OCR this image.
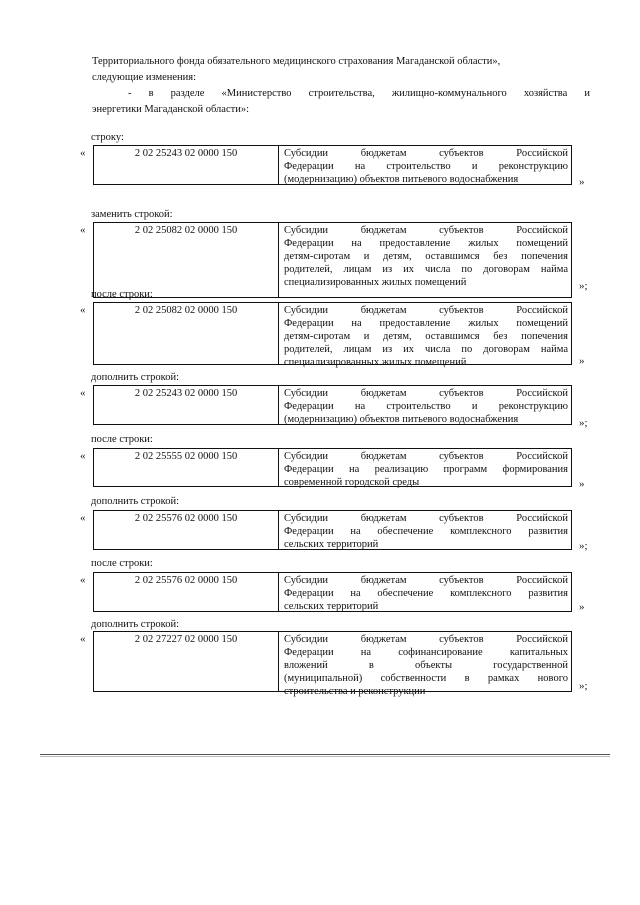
Территориального фонда обязательного медицинского страхования Магаданской области»,

следующие изменения:

- в разделе «Министерство строительства, жилищно-коммунального хозяйства и

энергетики Магаданской области»:

строку:
«	2 02 25243 02 0000 150	Субсидии бюджетам субъектов Российской
Федерации на строительство и реконструкцию
(модернизацию) объектов питьевого водоснабжения	»
заменить строкой:
«	2 02 25082 02 0000 150	Субсидии бюджетам субъектов Российской
Федерации на предоставление жилых помещений
детям-сиротам и детям, оставшимся без попечения
родителей, лицам из их числа по договорам найма
специализированных жилых помещений	»;
после строки:
«	2 02 25082 02 0000 150	Субсидии бюджетам субъектов Российской
Федерации на предоставление жилых помещений
детям-сиротам и детям, оставшимся без попечения
родителей, лицам из их числа по договорам найма
специализированных жилых помещений	»
дополнить строкой:
«	2 02 25243 02 0000 150	Субсидии бюджетам субъектов Российской
Федерации на строительство и реконструкцию
(модернизацию) объектов питьевого водоснабжения	»;
после строки:
«	2 02 25555 02 0000 150	Субсидии бюджетам субъектов Российской
Федерации на реализацию программ формирования
современной городской среды	»
дополнить строкой:
«	2 02 25576 02 0000 150	Субсидии бюджетам субъектов Российской
Федерации на обеспечение комплексного развития
сельских территорий	»;
после строки:
«	2 02 25576 02 0000 150	Субсидии бюджетам субъектов Российской
Федерации на обеспечение комплексного развития
сельских территорий	»
дополнить строкой:
«	2 02 27227 02 0000 150	Субсидии бюджетам субъектов Российской
Федерации на софинансирование капитальных
вложений в объекты государственной
(муниципальной) собственности в рамках нового
строительства и реконструкции	»;
